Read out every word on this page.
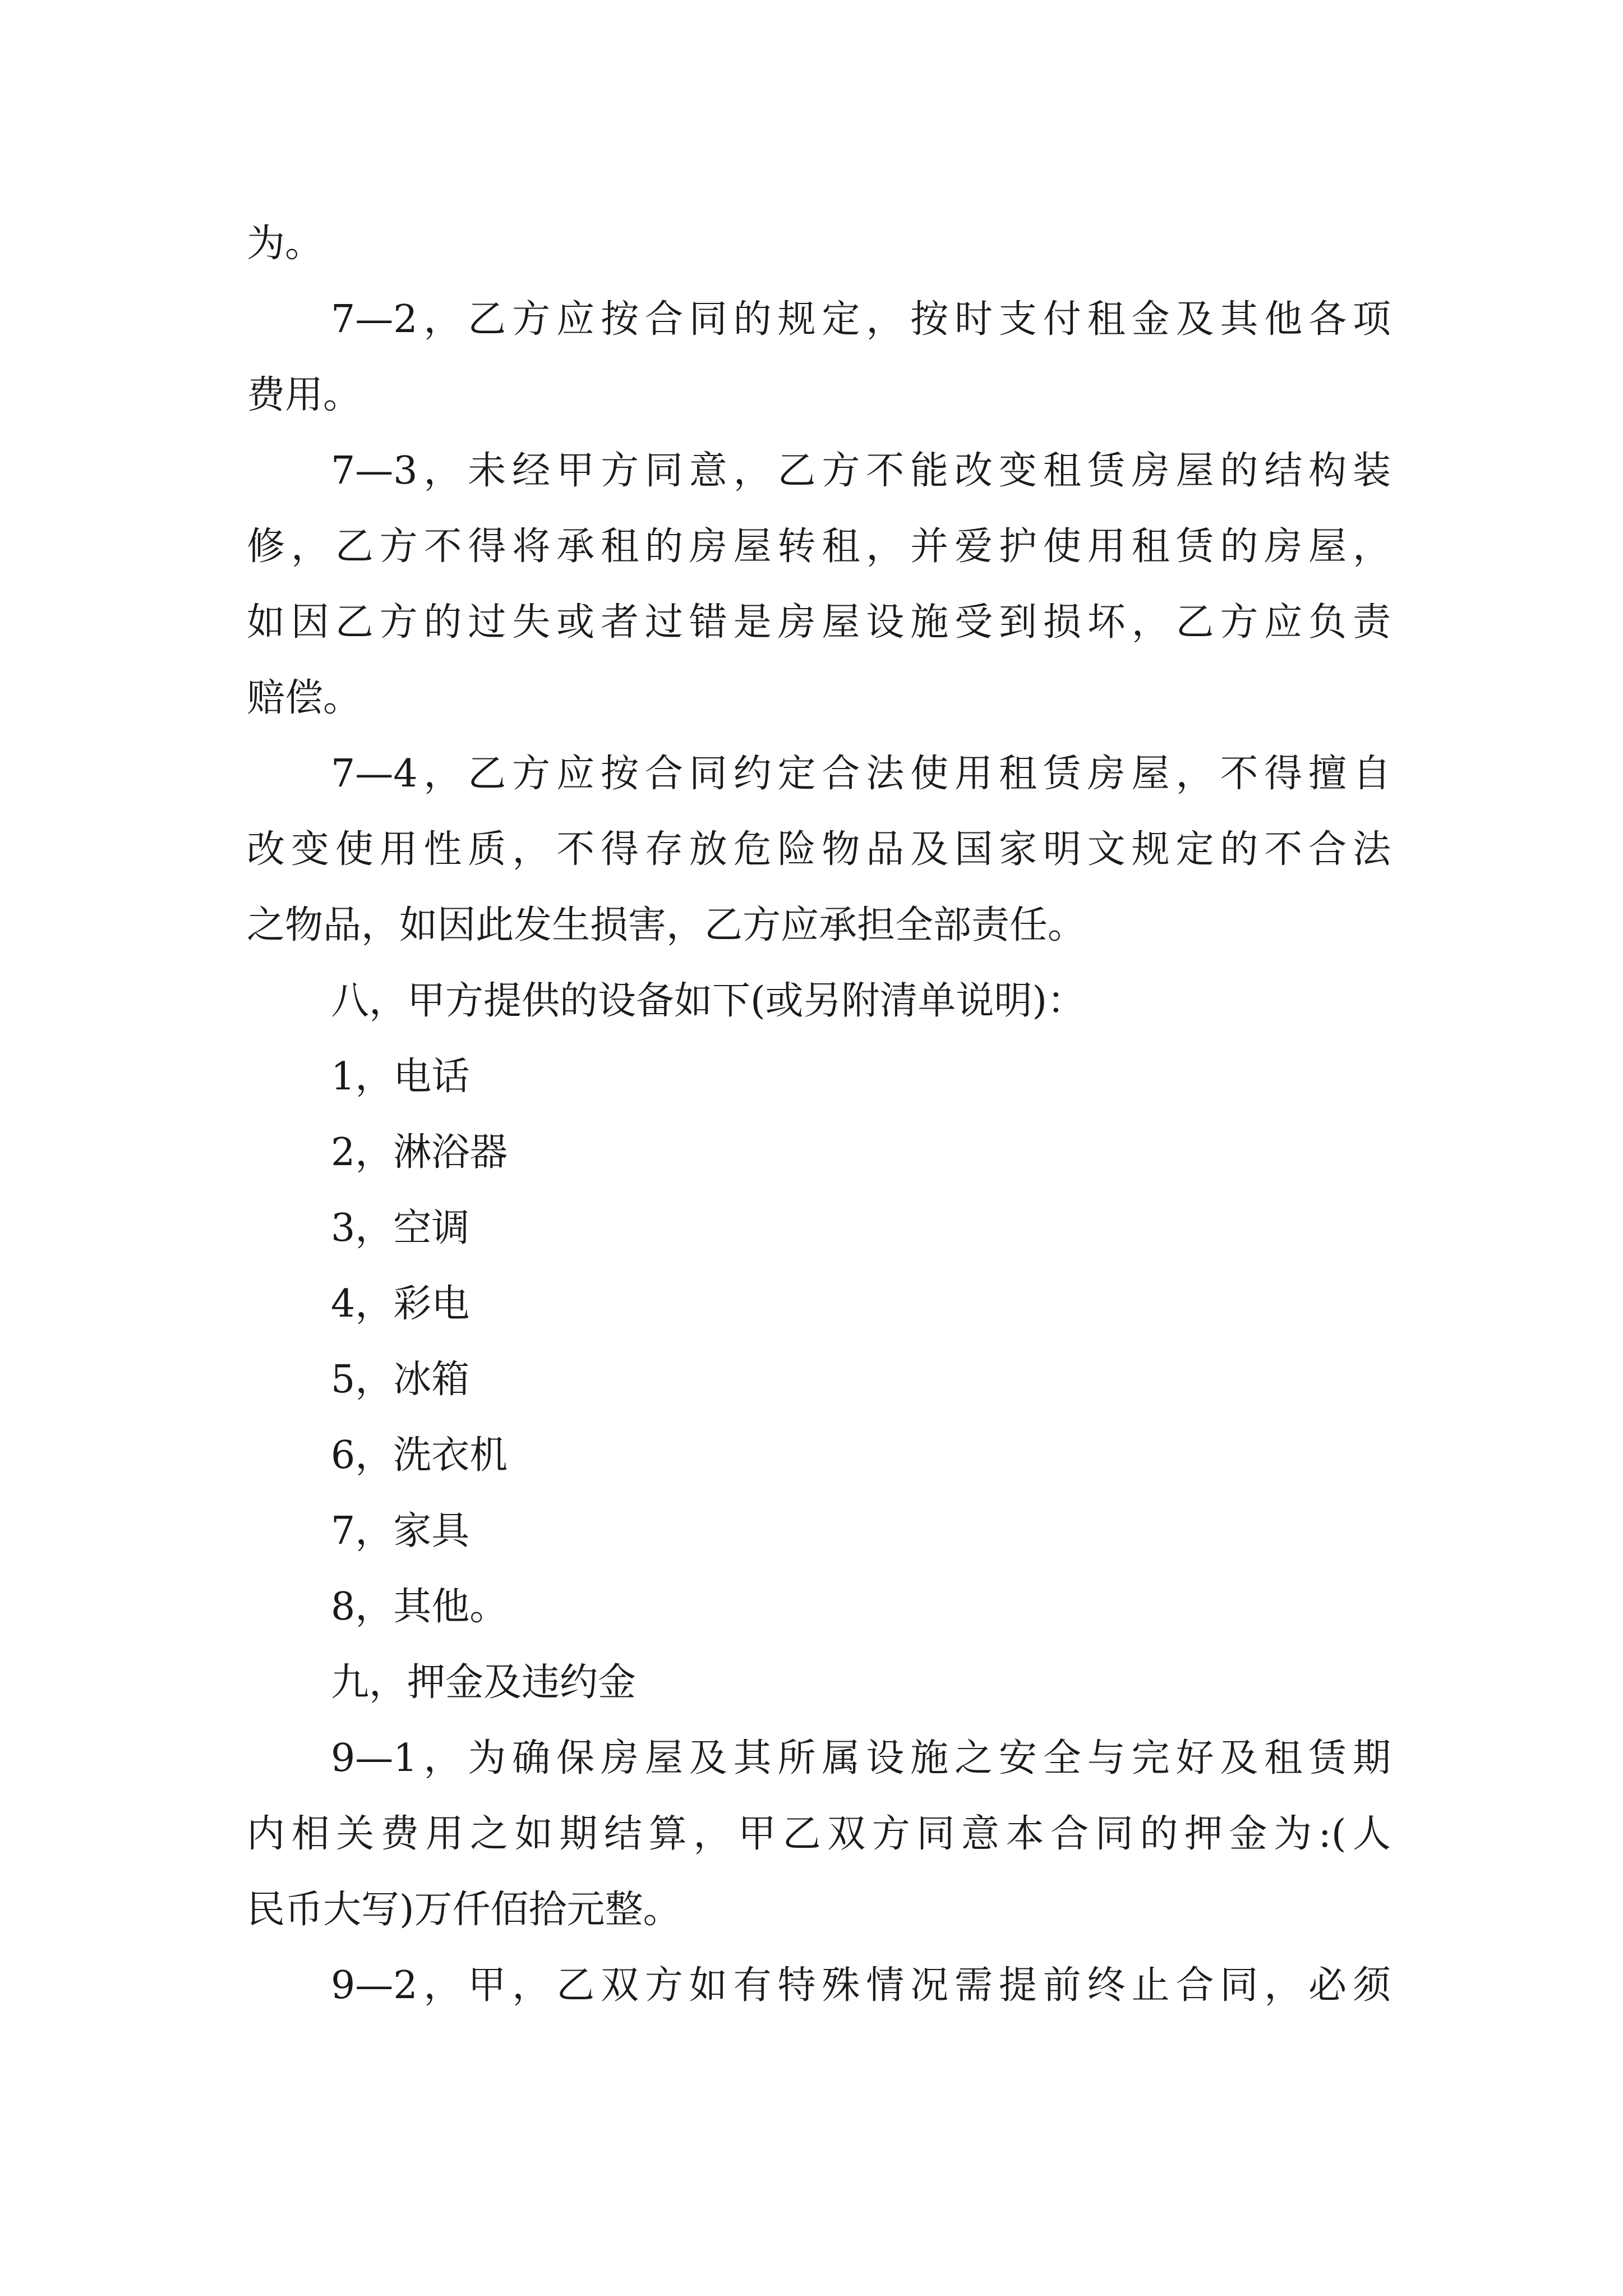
为。
7—2，乙方应按合同的规定，按时支付租金及其他各项
费用。
7—3，未经甲方同意，乙方不能改变租赁房屋的结构装
修，乙方不得将承租的房屋转租，并爱护使用租赁的房屋，
如因乙方的过失或者过错是房屋设施受到损坏，乙方应负责
赔偿。
7—4，乙方应按合同约定合法使用租赁房屋，不得擅自
改变使用性质，不得存放危险物品及国家明文规定的不合法
之物品，如因此发生损害，乙方应承担全部责任。
八，甲方提供的设备如下(或另附清单说明)：
1，电话
2，淋浴器
3，空调
4，彩电
5，冰箱
6，洗衣机
7，家具
8，其他。
九，押金及违约金
9—1，为确保房屋及其所属设施之安全与完好及租赁期
内相关费用之如期结算，甲乙双方同意本合同的押金为:(人
民币大写)万仟佰拾元整。
9—2，甲，乙双方如有特殊情况需提前终止合同，必须
